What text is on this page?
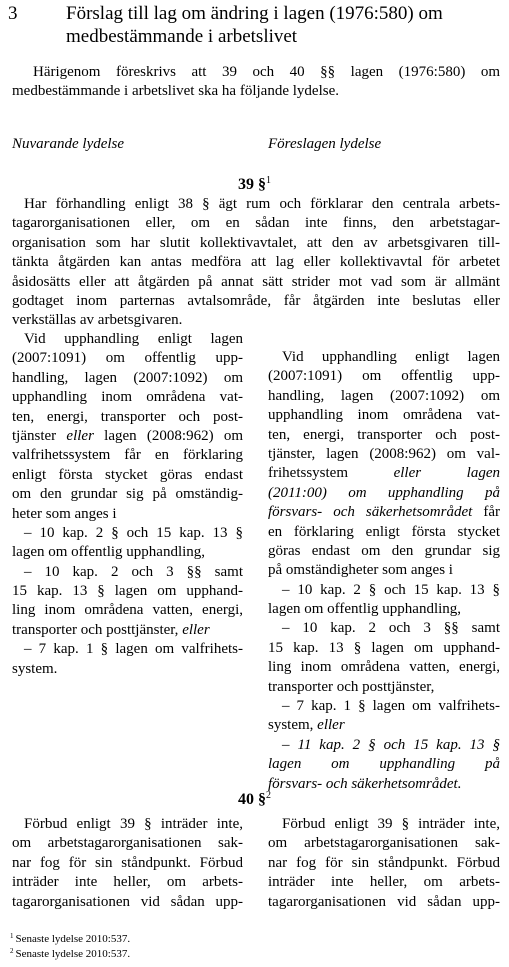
3	Förslag till lag om ändring i lagen (1976:580) om
medbestämmande i arbetslivet
Härigenom föreskrivs att 39 och 40 §§ lagen (1976:580) om
medbestämmande i arbetslivet ska ha följande lydelse.
Nuvarande lydelse	Föreslagen lydelse
39 §$^1$
Har förhandling enligt 38 § ägt rum och förklarar den centrala arbets-
tagarorganisationen eller, om en sådan inte finns, den arbetstagar-
organisation som har slutit kollektivavtalet, att den av arbetsgivaren till-
tänkta åtgärden kan antas medföra att lag eller kollektivavtal för arbetet
åsidosätts eller att åtgärden på annat sätt strider mot vad som är allmänt
godtaget inom parternas avtalsområde, får åtgärden inte beslutas eller
verkställas av arbetsgivaren.
Vid upphandling enligt lagen
(2007:1091) om offentlig upp-
handling, lagen (2007:1092) om
upphandling inom områdena vat-
ten, energi, transporter och post-
tjänster eller lagen (2008:962) om
valfrihetssystem får en förklaring
enligt första stycket göras endast
om den grundar sig på omständig-
heter som anges i
– 10 kap. 2 § och 15 kap. 13 §
lagen om offentlig upphandling,
– 10 kap. 2 och 3 §§ samt
15 kap. 13 § lagen om upphand-
ling inom områdena vatten, energi,
transporter och posttjänster, eller
– 7 kap. 1 § lagen om valfrihets-
system.
Vid upphandling enligt lagen
(2007:1091) om offentlig upp-
handling, lagen (2007:1092) om
upphandling inom områdena vat-
ten, energi, transporter och post-
tjänster, lagen (2008:962) om val-
frihetssystem eller lagen
(2011:00) om upphandling på
försvars- och säkerhetsområdet får
en förklaring enligt första stycket
göras endast om den grundar sig
på omständigheter som anges i
– 10 kap. 2 § och 15 kap. 13 §
lagen om offentlig upphandling,
– 10 kap. 2 och 3 §§ samt
15 kap. 13 § lagen om upphand-
ling inom områdena vatten, energi,
transporter och posttjänster,
– 7 kap. 1 § lagen om valfrihets-
system, eller
– 11 kap. 2 § och 15 kap. 13 §
lagen om upphandling på
försvars- och säkerhetsområdet.
40 §$^2$
Förbud enligt 39 § inträder inte,
om arbetstagarorganisationen sak-
nar fog för sin ståndpunkt. Förbud
inträder inte heller, om arbets-
tagarorganisationen vid sådan upp-
Förbud enligt 39 § inträder inte,
om arbetstagarorganisationen sak-
nar fog för sin ståndpunkt. Förbud
inträder inte heller, om arbets-
tagarorganisationen vid sådan upp-
$^1$ Senaste lydelse 2010:537.
$^2$ Senaste lydelse 2010:537.
